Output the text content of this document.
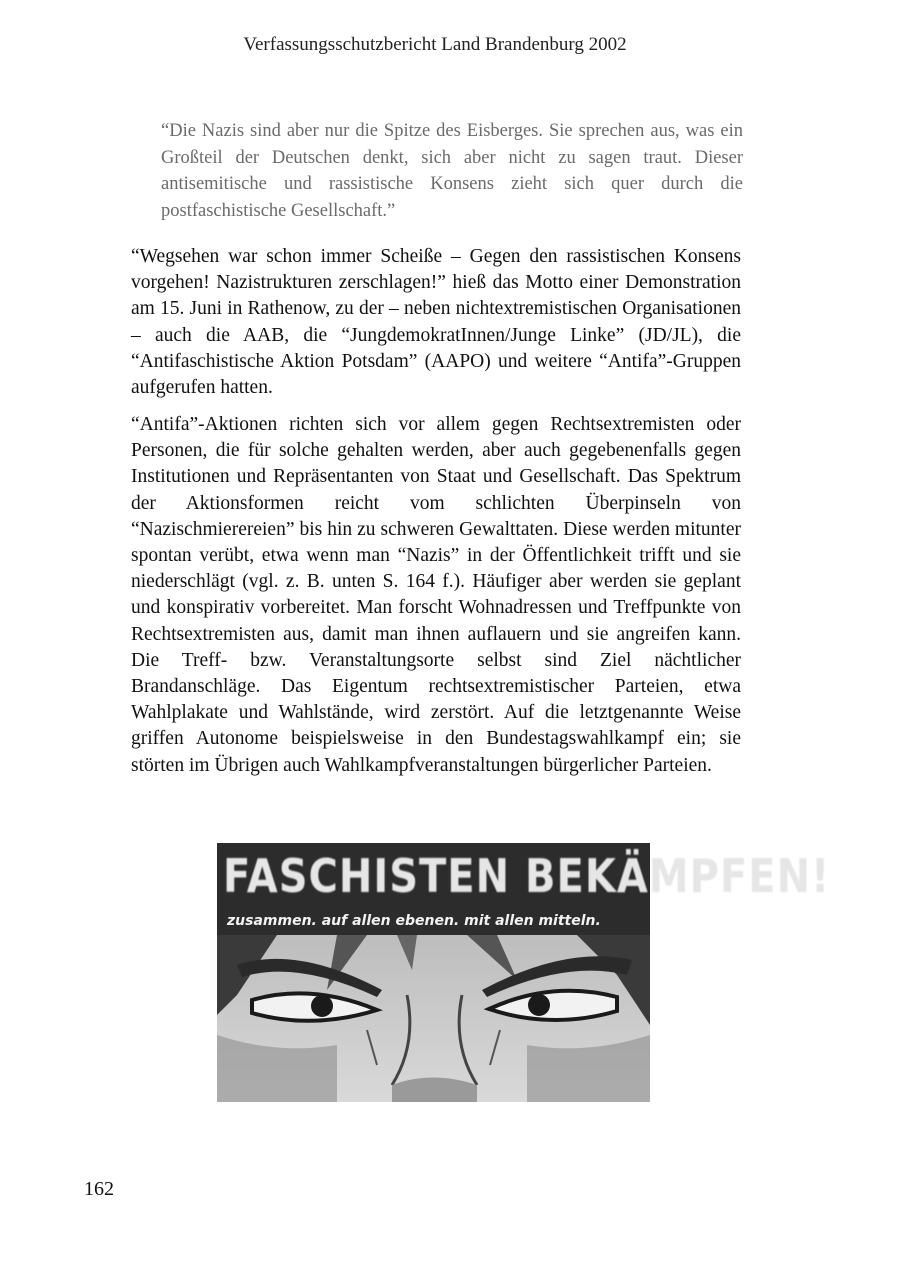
Verfassungsschutzbericht Land Brandenburg 2002
“Die Nazis sind aber nur die Spitze des Eisberges. Sie sprechen aus, was ein Großteil der Deutschen denkt, sich aber nicht zu sagen traut. Dieser antisemitische und rassistische Konsens zieht sich quer durch die postfaschistische Gesellschaft.”
“Wegsehen war schon immer Scheiße – Gegen den rassistischen Konsens vorgehen! Nazistrukturen zerschlagen!” hieß das Motto einer Demonstration am 15. Juni in Rathenow, zu der – neben nichtextremistischen Organisationen – auch die AAB, die “JungdemokratInnen/Junge Linke” (JD/JL), die “Antifaschistische Aktion Potsdam” (AAPO) und weitere “Antifa”-Gruppen aufgerufen hatten.
“Antifa”-Aktionen richten sich vor allem gegen Rechtsextremisten oder Personen, die für solche gehalten werden, aber auch gegebenenfalls gegen Institutionen und Repräsentanten von Staat und Gesellschaft. Das Spektrum der Aktionsformen reicht vom schlichten Überpinseln von “Nazischmierereien” bis hin zu schweren Gewalttaten. Diese werden mitunter spontan verübt, etwa wenn man “Nazis” in der Öffentlichkeit trifft und sie niederschlägt (vgl. z. B. unten S. 164 f.). Häufiger aber werden sie geplant und konspirativ vorbereitet. Man forscht Wohnadressen und Treffpunkte von Rechtsextremisten aus, damit man ihnen auflauern und sie angreifen kann. Die Treff- bzw. Veranstaltungsorte selbst sind Ziel nächtlicher Brandanschläge. Das Eigentum rechtsextremistischer Parteien, etwa Wahlplakate und Wahlstände, wird zerstört. Auf die letztgenannte Weise griffen Autonome beispielsweise in den Bundestagswahlkampf ein; sie störten im Übrigen auch Wahlkampfveranstaltungen bürgerlicher Parteien.
FASCHISTEN BEKÄMPFEN!
zusammen. auf allen ebenen. mit allen mitteln.
162
